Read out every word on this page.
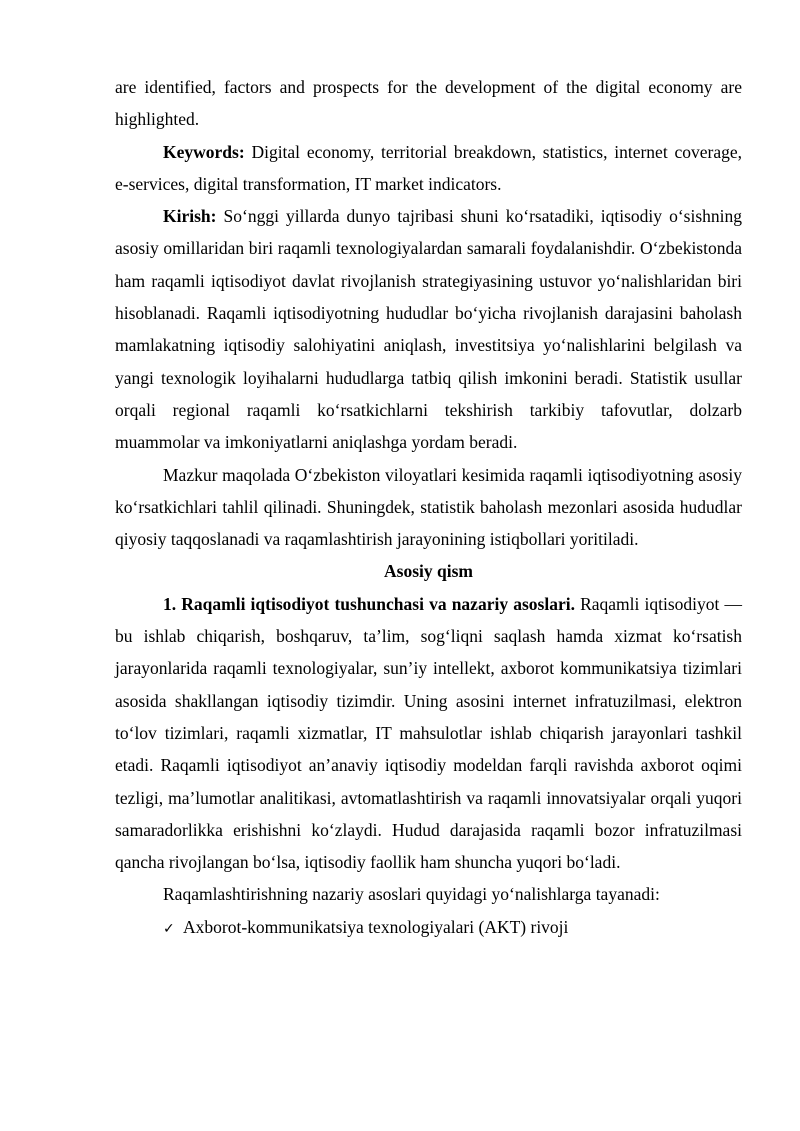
are identified, factors and prospects for the development of the digital economy are highlighted.

Keywords: Digital economy, territorial breakdown, statistics, internet coverage, e-services, digital transformation, IT market indicators.

Kirish: So‘nggi yillarda dunyo tajribasi shuni ko‘rsatadiki, iqtisodiy o‘sishning asosiy omillaridan biri raqamli texnologiyalardan samarali foydalanishdir. O‘zbekistonda ham raqamli iqtisodiyot davlat rivojlanish strategiyasining ustuvor yo‘nalishlaridan biri hisoblanadi. Raqamli iqtisodiyotning hududlar bo‘yicha rivojlanish darajasini baholash mamlakatning iqtisodiy salohiyatini aniqlash, investitsiya yo‘nalishlarini belgilash va yangi texnologik loyihalarni hududlarga tatbiq qilish imkonini beradi. Statistik usullar orqali regional raqamli ko‘rsatkichlarni tekshirish tarkibiy tafovutlar, dolzarb muammolar va imkoniyatlarni aniqlashga yordam beradi.

Mazkur maqolada O‘zbekiston viloyatlari kesimida raqamli iqtisodiyotning asosiy ko‘rsatkichlari tahlil qilinadi. Shuningdek, statistik baholash mezonlari asosida hududlar qiyosiy taqqoslanadi va raqamlashtirish jarayonining istiqbollari yoritiladi.

Asosiy qism

1. Raqamli iqtisodiyot tushunchasi va nazariy asoslari. Raqamli iqtisodiyot — bu ishlab chiqarish, boshqaruv, ta’lim, sog‘liqni saqlash hamda xizmat ko‘rsatish jarayonlarida raqamli texnologiyalar, sun’iy intellekt, axborot kommunikatsiya tizimlari asosida shakllangan iqtisodiy tizimdir. Uning asosini internet infratuzilmasi, elektron to‘lov tizimlari, raqamli xizmatlar, IT mahsulotlar ishlab chiqarish jarayonlari tashkil etadi. Raqamli iqtisodiyot an’anaviy iqtisodiy modeldan farqli ravishda axborot oqimi tezligi, ma’lumotlar analitikasi, avtomatlashtirish va raqamli innovatsiyalar orqali yuqori samaradorlikka erishishni ko‘zlaydi. Hudud darajasida raqamli bozor infratuzilmasi qancha rivojlangan bo‘lsa, iqtisodiy faollik ham shuncha yuqori bo‘ladi.

Raqamlashtirishning nazariy asoslari quyidagi yo‘nalishlarga tayanadi:

✓ Axborot-kommunikatsiya texnologiyalari (AKT) rivoji
